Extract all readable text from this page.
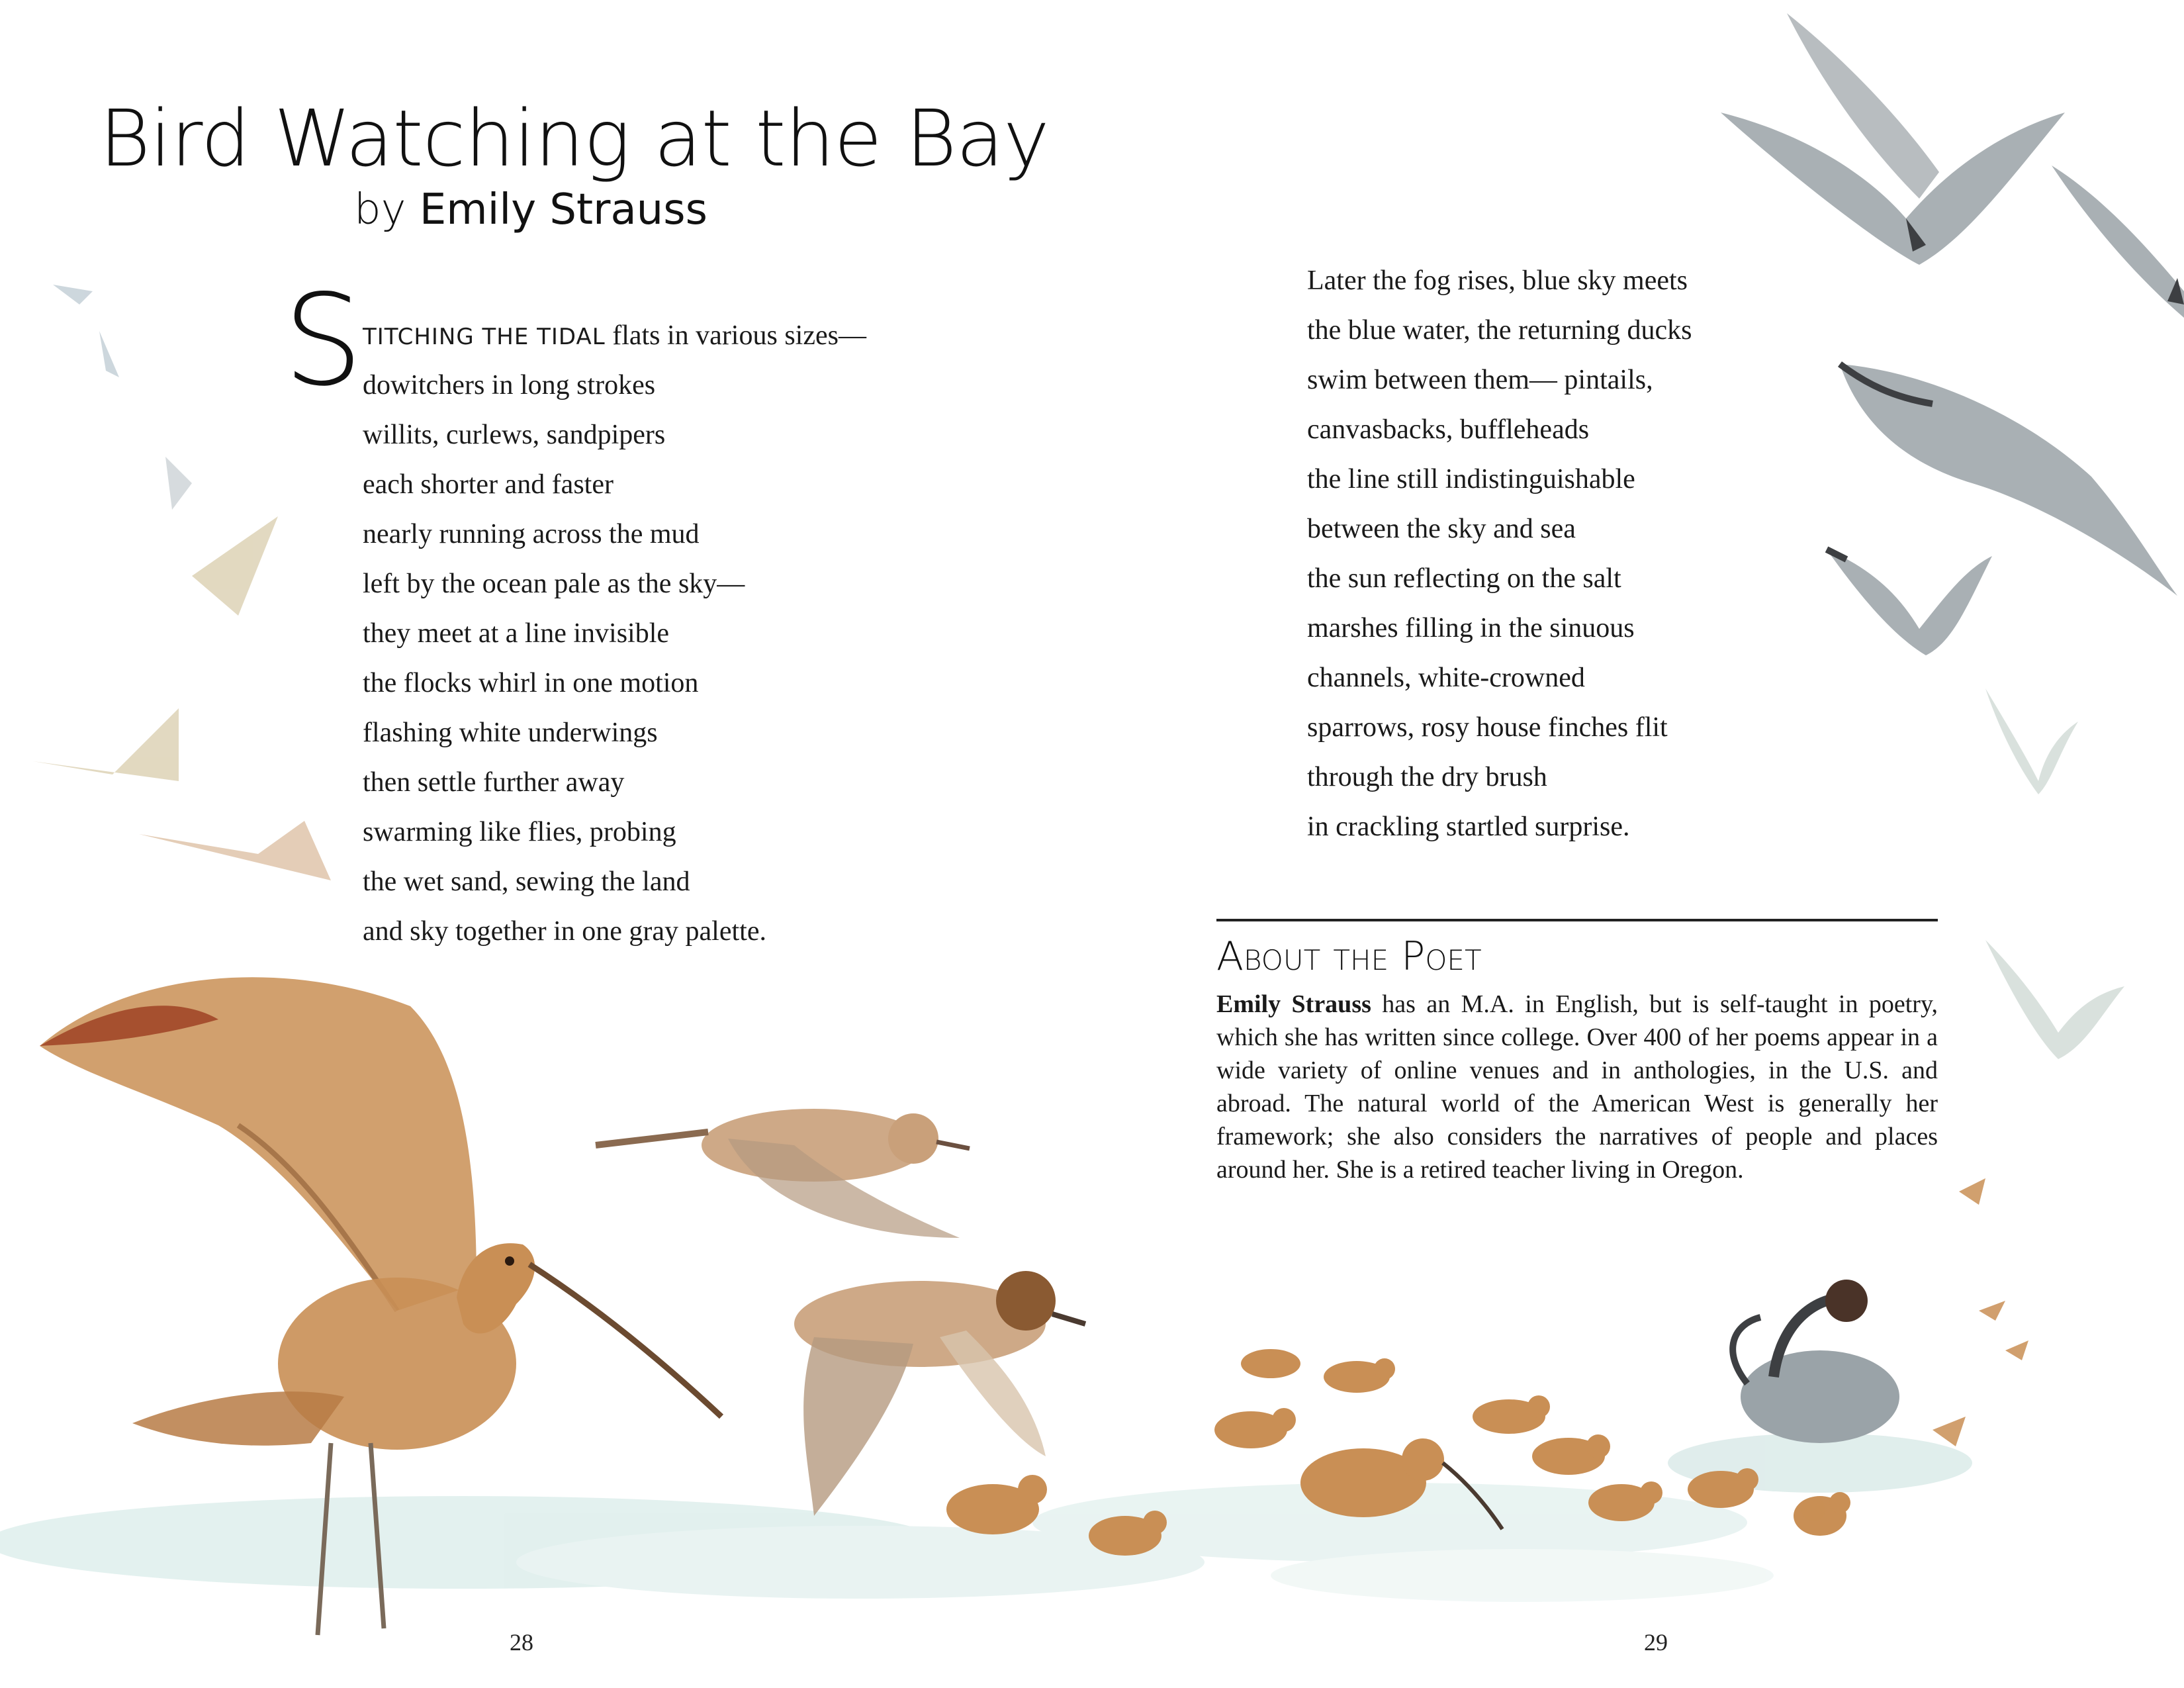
Bird Watching at the Bay

by Emily Strauss

S TITCHING THE TIDAL flats in various sizes—
dowitchers in long strokes
willits, curlews, sandpipers
each shorter and faster
nearly running across the mud
left by the ocean pale as the sky—
they meet at a line invisible
the flocks whirl in one motion
flashing white underwings
then settle further away
swarming like flies, probing
the wet sand, sewing the land
and sky together in one gray palette.
28
Later the fog rises, blue sky meets
the blue water, the returning ducks
swim between them— pintails,
canvasbacks, buffleheads
the line still indistinguishable
between the sky and sea
the sun reflecting on the salt
marshes filling in the sinuous
channels, white-crowned
sparrows, rosy house finches flit
through the dry brush
in crackling startled surprise.
About the Poet

Emily Strauss has an M.A. in English, but is self-taught in poetry, which she has written since college. Over 400 of her poems appear in a wide variety of online venues and in anthologies, in the U.S. and abroad. The natural world of the American West is generally her framework; she also considers the narratives of people and places around her. She is a retired teacher living in Oregon.

29
